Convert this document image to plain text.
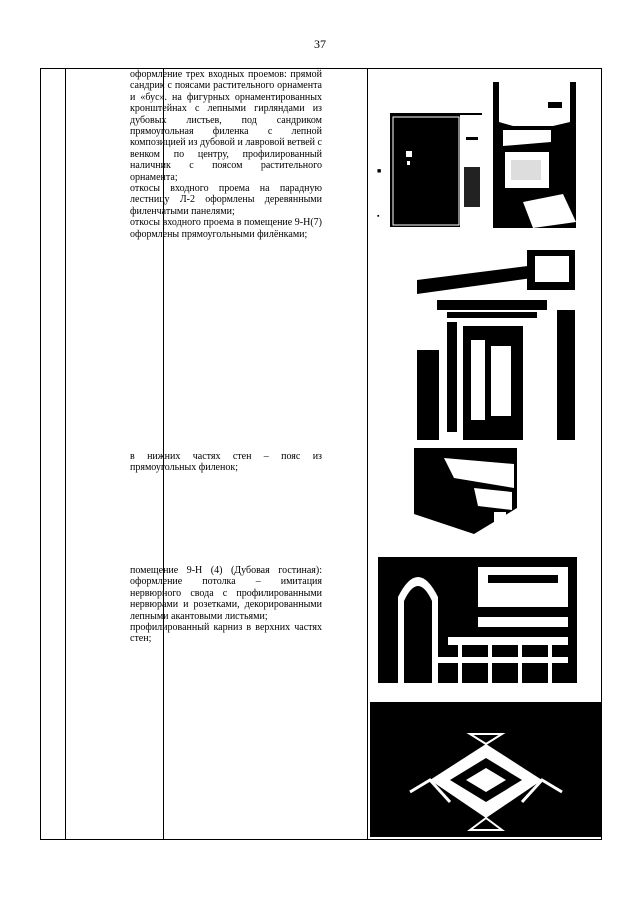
37

оформление трех входных проемов: прямой сандрик с поясами растительного орнамента и «бус». на фигурных орнаментированных кронштейнах с лепными гирляндами из дубовых листьев, под сандриком прямоугольная филенка с лепной композицией из дубовой и лавровой ветвей с венком по центру, профилированный наличник с поясом растительного орнамента;

откосы входного проема на парадную лестницу Л-2 оформлены деревянными филенчатыми панелями;

откосы входного проема в помещение 9-Н(7) оформлены прямоугольными филёнками;

в нижних частях стен – пояс из прямоугольных филенок;

помещение 9-Н (4) (Дубовая гостиная): оформление потолка – имитация нервюрного свода с профилированными нервюрами и розетками, декорированными лепными акантовыми листьями;

профилированный карниз в верхних частях стен;

■
▪
